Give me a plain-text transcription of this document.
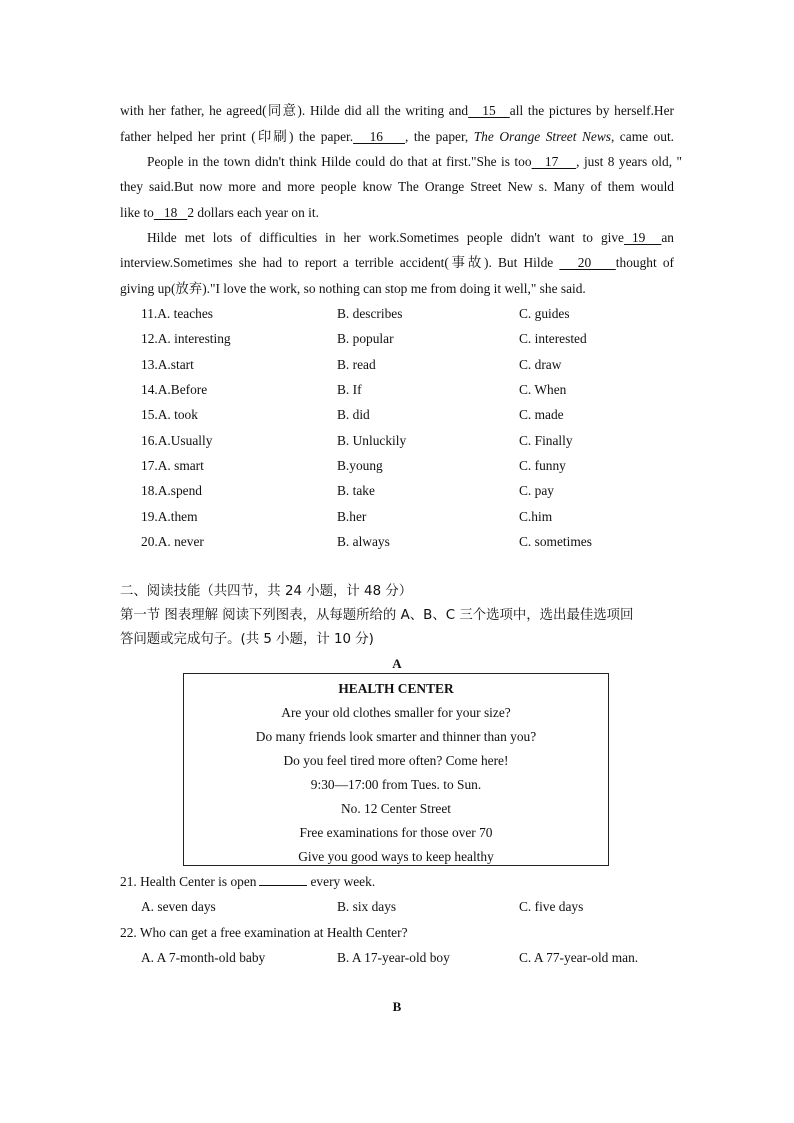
with her father, he agreed(同意). Hilde did all the writing and   15   all the pictures by herself.Her
father helped her print (印刷) the paper.   16    , the paper, The Orange Street News, came out.
People in the town didn't think Hilde could do that at first."She is too   17    , just 8 years old, "
they said.But now more and more people know The Orange Street New s. Many of them would
like to   18   2 dollars each year on it.
Hilde met lots of difficulties in her work.Sometimes people didn't want to give 19  an
interview.Sometimes she had to report a terrible accident(事故). But Hilde    20    thought of
giving up(放弃)."I love the work, so nothing can stop me from doing it well," she said.
11.A. teaches	B. describes	C. guides
12.A. interesting	B. popular	C. interested
13.A.start	B. read	C. draw
14.A.Before	B. If	C. When
15.A. took	B. did	C. made
16.A.Usually	B. Unluckily	C. Finally
17.A. smart	B.young	C. funny
18.A.spend	B. take	C. pay
19.A.them	B.her	C.him
20.A. never	B. always	C. sometimes
二、阅读技能（共四节，共 24 小题，计 48 分）
第一节 图表理解 阅读下列图表，从每题所给的 A、B、C 三个选项中，选出最佳选项回
答问题或完成句子。(共 5 小题，计 10 分)
A
HEALTH CENTER
Are your old clothes smaller for your size?
Do many friends look smarter and thinner than you?
Do you feel tired more often? Come here!
9:30—17:00 from Tues. to Sun.
No. 12 Center Street
Free examinations for those over 70
Give you good ways to keep healthy
21. Health Center is open	every week.
A. seven days	B. six days	C. five days
22. Who can get a free examination at Health Center?
A. A 7-month-old baby	B. A 17-year-old boy	C. A 77-year-old man.
B
